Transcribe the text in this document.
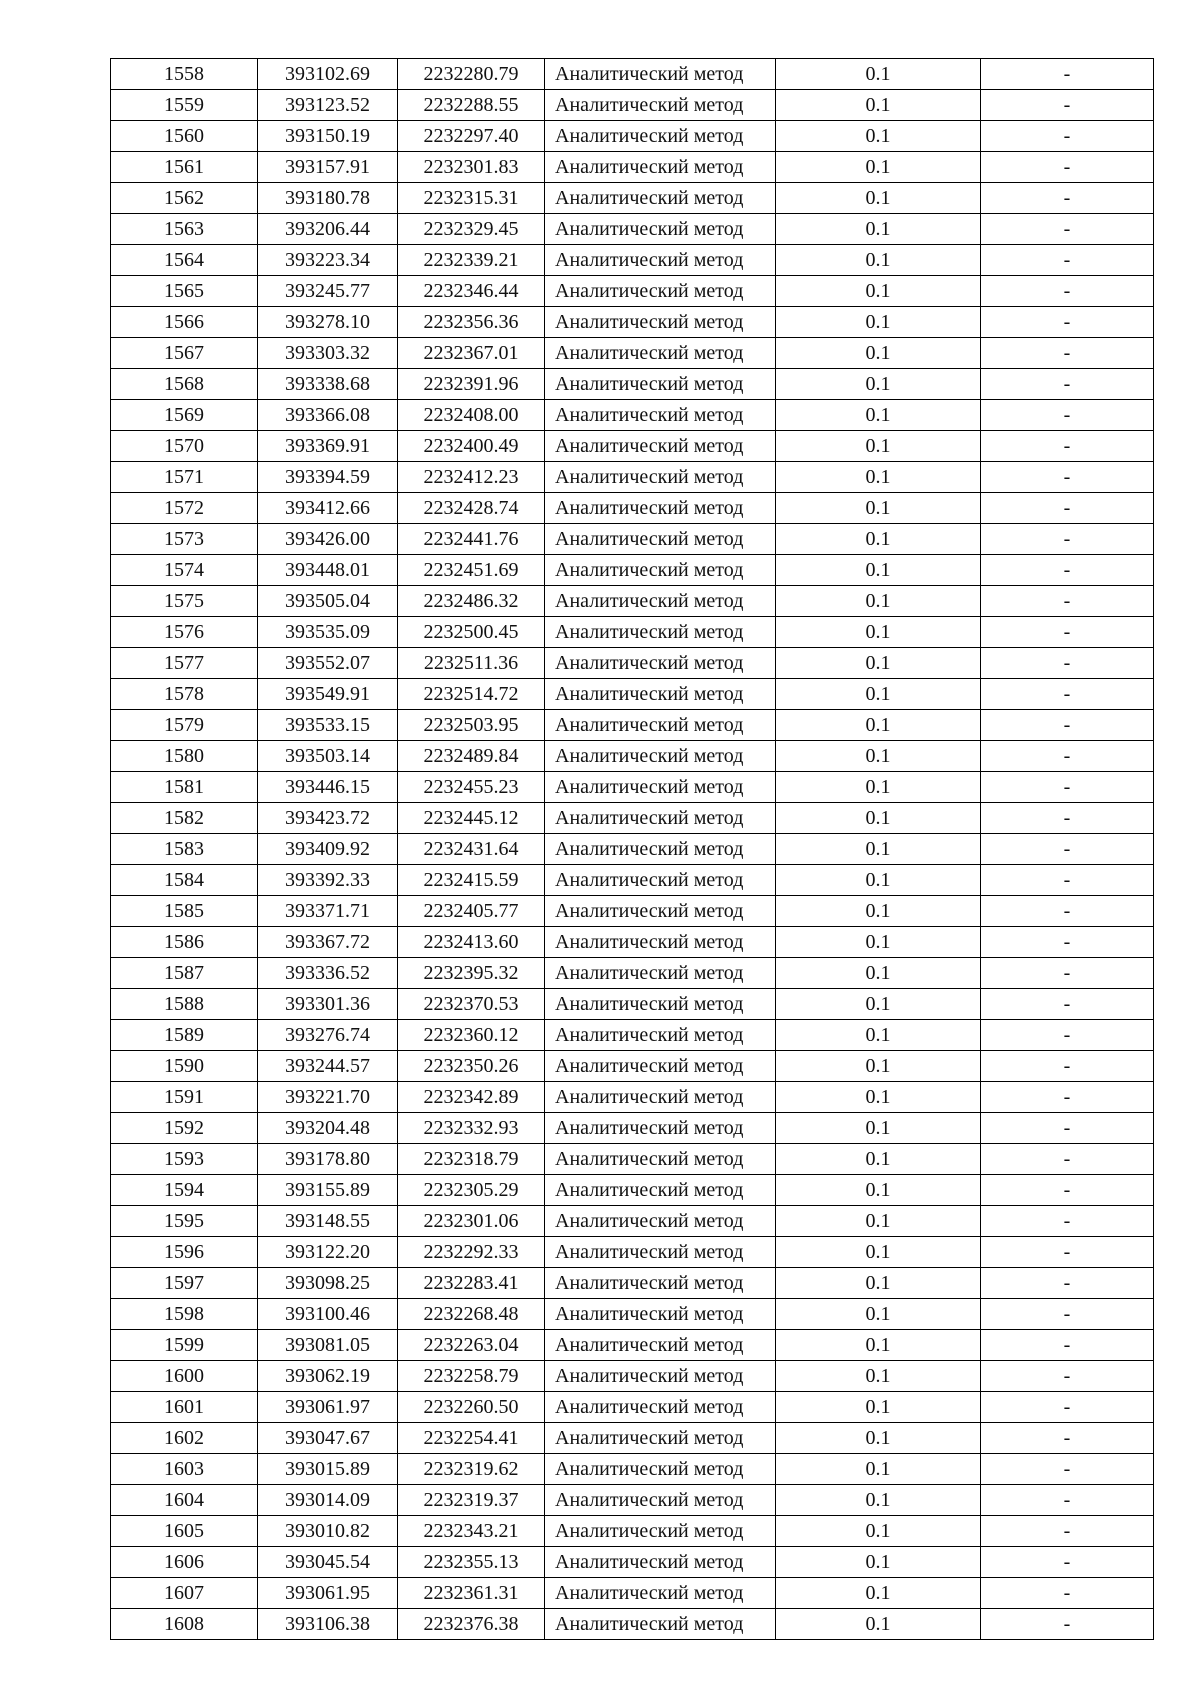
1558	393102.69	2232280.79	Аналитический метод	0.1	-
1559	393123.52	2232288.55	Аналитический метод	0.1	-
1560	393150.19	2232297.40	Аналитический метод	0.1	-
1561	393157.91	2232301.83	Аналитический метод	0.1	-
1562	393180.78	2232315.31	Аналитический метод	0.1	-
1563	393206.44	2232329.45	Аналитический метод	0.1	-
1564	393223.34	2232339.21	Аналитический метод	0.1	-
1565	393245.77	2232346.44	Аналитический метод	0.1	-
1566	393278.10	2232356.36	Аналитический метод	0.1	-
1567	393303.32	2232367.01	Аналитический метод	0.1	-
1568	393338.68	2232391.96	Аналитический метод	0.1	-
1569	393366.08	2232408.00	Аналитический метод	0.1	-
1570	393369.91	2232400.49	Аналитический метод	0.1	-
1571	393394.59	2232412.23	Аналитический метод	0.1	-
1572	393412.66	2232428.74	Аналитический метод	0.1	-
1573	393426.00	2232441.76	Аналитический метод	0.1	-
1574	393448.01	2232451.69	Аналитический метод	0.1	-
1575	393505.04	2232486.32	Аналитический метод	0.1	-
1576	393535.09	2232500.45	Аналитический метод	0.1	-
1577	393552.07	2232511.36	Аналитический метод	0.1	-
1578	393549.91	2232514.72	Аналитический метод	0.1	-
1579	393533.15	2232503.95	Аналитический метод	0.1	-
1580	393503.14	2232489.84	Аналитический метод	0.1	-
1581	393446.15	2232455.23	Аналитический метод	0.1	-
1582	393423.72	2232445.12	Аналитический метод	0.1	-
1583	393409.92	2232431.64	Аналитический метод	0.1	-
1584	393392.33	2232415.59	Аналитический метод	0.1	-
1585	393371.71	2232405.77	Аналитический метод	0.1	-
1586	393367.72	2232413.60	Аналитический метод	0.1	-
1587	393336.52	2232395.32	Аналитический метод	0.1	-
1588	393301.36	2232370.53	Аналитический метод	0.1	-
1589	393276.74	2232360.12	Аналитический метод	0.1	-
1590	393244.57	2232350.26	Аналитический метод	0.1	-
1591	393221.70	2232342.89	Аналитический метод	0.1	-
1592	393204.48	2232332.93	Аналитический метод	0.1	-
1593	393178.80	2232318.79	Аналитический метод	0.1	-
1594	393155.89	2232305.29	Аналитический метод	0.1	-
1595	393148.55	2232301.06	Аналитический метод	0.1	-
1596	393122.20	2232292.33	Аналитический метод	0.1	-
1597	393098.25	2232283.41	Аналитический метод	0.1	-
1598	393100.46	2232268.48	Аналитический метод	0.1	-
1599	393081.05	2232263.04	Аналитический метод	0.1	-
1600	393062.19	2232258.79	Аналитический метод	0.1	-
1601	393061.97	2232260.50	Аналитический метод	0.1	-
1602	393047.67	2232254.41	Аналитический метод	0.1	-
1603	393015.89	2232319.62	Аналитический метод	0.1	-
1604	393014.09	2232319.37	Аналитический метод	0.1	-
1605	393010.82	2232343.21	Аналитический метод	0.1	-
1606	393045.54	2232355.13	Аналитический метод	0.1	-
1607	393061.95	2232361.31	Аналитический метод	0.1	-
1608	393106.38	2232376.38	Аналитический метод	0.1	-
